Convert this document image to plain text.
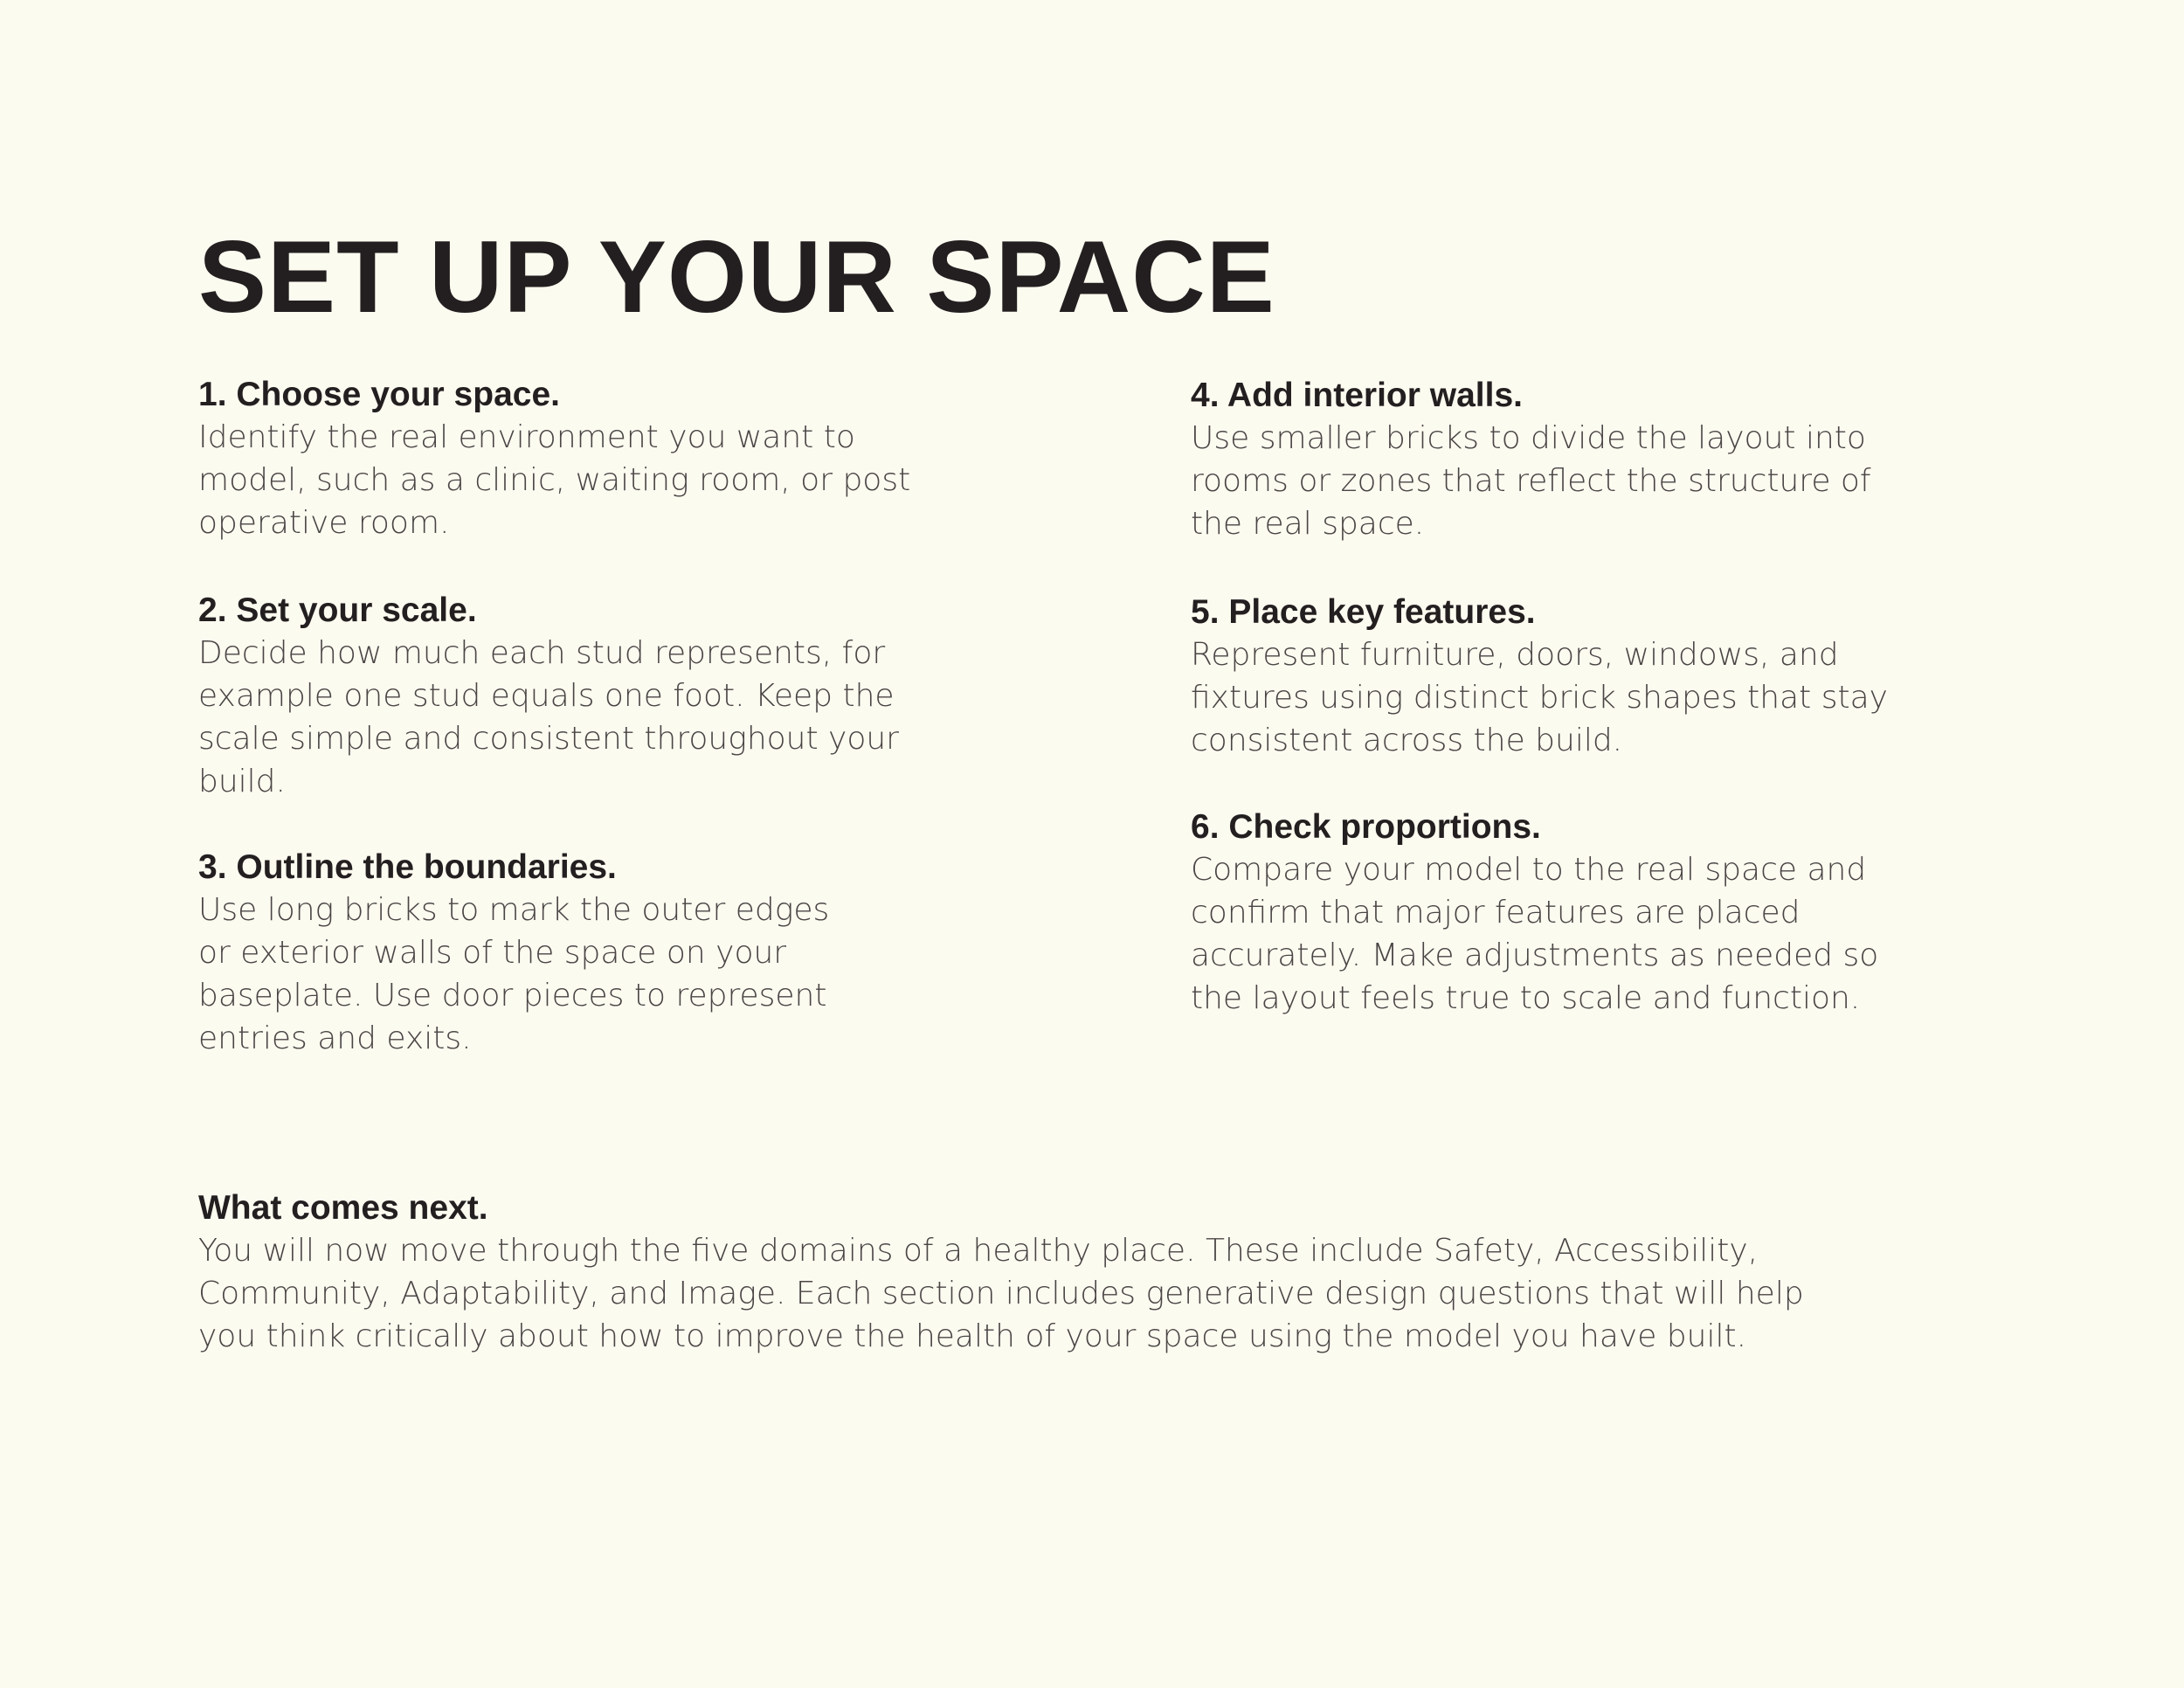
SET UP YOUR SPACE
1. Choose your space.

Identify the real environment you want to
model, such as a clinic, waiting room, or post
operative room.

2. Set your scale.

Decide how much each stud represents, for
example one stud equals one foot. Keep the
scale simple and consistent throughout your
build.

3. Outline the boundaries.

Use long bricks to mark the outer edges
or exterior walls of the space on your
baseplate. Use door pieces to represent
entries and exits.

4. Add interior walls.

Use smaller bricks to divide the layout into
rooms or zones that reflect the structure of
the real space.

5. Place key features.

Represent furniture, doors, windows, and
fixtures using distinct brick shapes that stay
consistent across the build.

6. Check proportions.

Compare your model to the real space and
confirm that major features are placed
accurately. Make adjustments as needed so
the layout feels true to scale and function.

What comes next.

You will now move through the five domains of a healthy place. These include Safety, Accessibility,
Community, Adaptability, and Image. Each section includes generative design questions that will help
you think critically about how to improve the health of your space using the model you have built.
